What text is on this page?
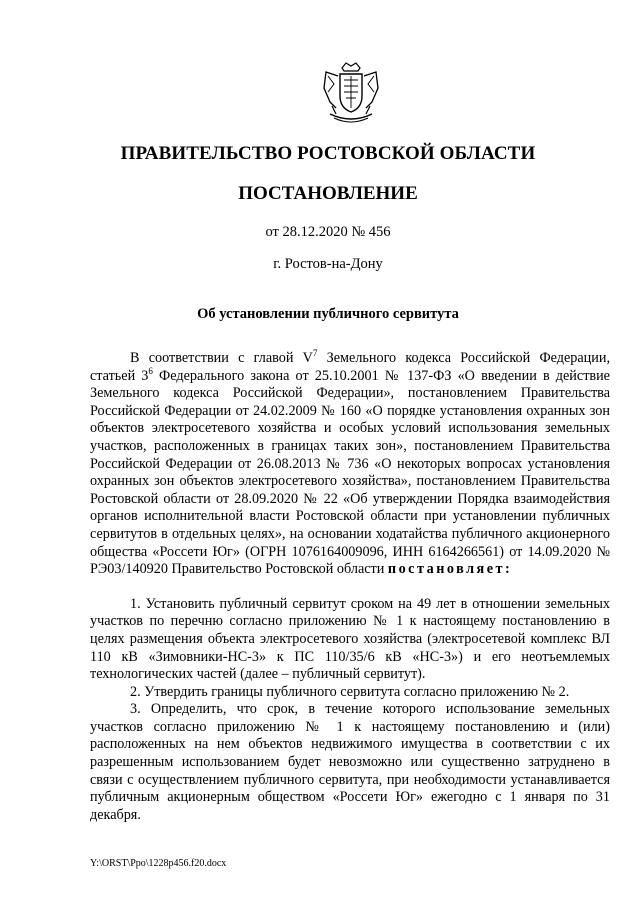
ПРАВИТЕЛЬСТВО РОСТОВСКОЙ ОБЛАСТИ
ПОСТАНОВЛЕНИЕ
от 28.12.2020 № 456
г. Ростов-на-Дону
Об установлении публичного сервитута

В соответствии с главой $V^7$ Земельного кодекса Российской Федерации, статьей $3^6$ Федерального закона от 25.10.2001 № 137-ФЗ «О введении в действие Земельного кодекса Российской Федерации», постановлением Правительства Российской Федерации от 24.02.2009 № 160 «О порядке установления охранных зон объектов электросетевого хозяйства и особых условий использования земельных участков, расположенных в границах таких зон», постановлением Правительства Российской Федерации от 26.08.2013 № 736 «О некоторых вопросах установления охранных зон объектов электросетевого хозяйства», постановлением Правительства Ростовской области от 28.09.2020 № 22 «Об утверждении Порядка взаимодействия органов исполнительной власти Ростовской области при установлении публичных сервитутов в отдельных целях», на основании ходатайства публичного акционерного общества «Россети Юг» (ОГРН 1076164009096, ИНН 6164266561) от 14.09.2020 № РЭ03/140920 Правительство Ростовской области постановляет:

1. Установить публичный сервитут сроком на 49 лет в отношении земельных участков по перечню согласно приложению № 1 к настоящему постановлению в целях размещения объекта электросетевого хозяйства (электросетевой комплекс ВЛ 110 кВ «Зимовники-НС-3» к ПС 110/35/6 кВ «НС-3») и его неотъемлемых технологических частей (далее – публичный сервитут).

2. Утвердить границы публичного сервитута согласно приложению № 2.

3. Определить, что срок, в течение которого использование земельных участков согласно приложению № 1 к настоящему постановлению и (или) расположенных на нем объектов недвижимого имущества в соответствии с их разрешенным использованием будет невозможно или существенно затруднено в связи с осуществлением публичного сервитута, при необходимости устанавливается публичным акционерным обществом «Россети Юг» ежегодно с 1 января по 31 декабря.

Y:\ORST\Ppo\1228p456.f20.docx
